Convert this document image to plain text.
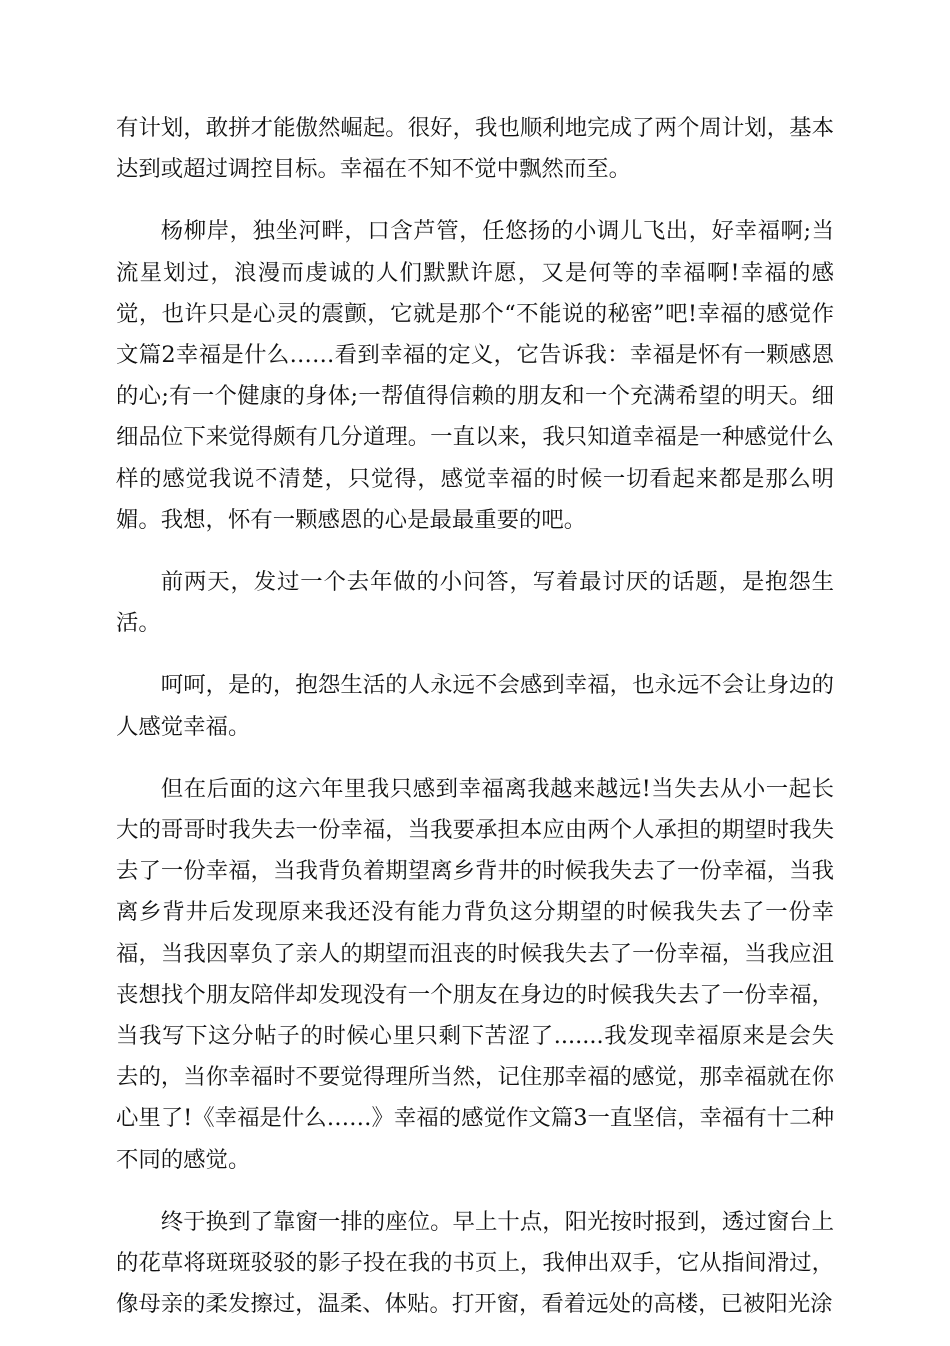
有计划，敢拼才能傲然崛起。很好，我也顺利地完成了两个周计划，基本达到或超过调控目标。幸福在不知不觉中飘然而至。

杨柳岸，独坐河畔，口含芦管，任悠扬的小调儿飞出，好幸福啊;当流星划过，浪漫而虔诚的人们默默许愿，又是何等的幸福啊!幸福的感觉，也许只是心灵的震颤，它就是那个“不能说的秘密”吧!幸福的感觉作文篇2幸福是什么……看到幸福的定义，它告诉我：幸福是怀有一颗感恩的心;有一个健康的身体;一帮值得信赖的朋友和一个充满希望的明天。细细品位下来觉得颇有几分道理。一直以来，我只知道幸福是一种感觉什么样的感觉我说不清楚，只觉得，感觉幸福的时候一切看起来都是那么明媚。我想，怀有一颗感恩的心是最最重要的吧。

前两天，发过一个去年做的小问答，写着最讨厌的话题，是抱怨生活。

呵呵，是的，抱怨生活的人永远不会感到幸福，也永远不会让身边的人感觉幸福。

但在后面的这六年里我只感到幸福离我越来越远!当失去从小一起长大的哥哥时我失去一份幸福，当我要承担本应由两个人承担的期望时我失去了一份幸福，当我背负着期望离乡背井的时候我失去了一份幸福，当我离乡背井后发现原来我还没有能力背负这分期望的时候我失去了一份幸福，当我因辜负了亲人的期望而沮丧的时候我失去了一份幸福，当我应沮丧想找个朋友陪伴却发现没有一个朋友在身边的时候我失去了一份幸福，当我写下这分帖子的时候心里只剩下苦涩了.......我发现幸福原来是会失去的，当你幸福时不要觉得理所当然，记住那幸福的感觉，那幸福就在你心里了!《幸福是什么……》幸福的感觉作文篇3一直坚信，幸福有十二种不同的感觉。

终于换到了靠窗一排的座位。早上十点，阳光按时报到，透过窗台上的花草将斑斑驳驳的影子投在我的书页上，我伸出双手，它从指间滑过，像母亲的柔发擦过，温柔、体贴。打开窗，看着远处的高楼，已被阳光涂
